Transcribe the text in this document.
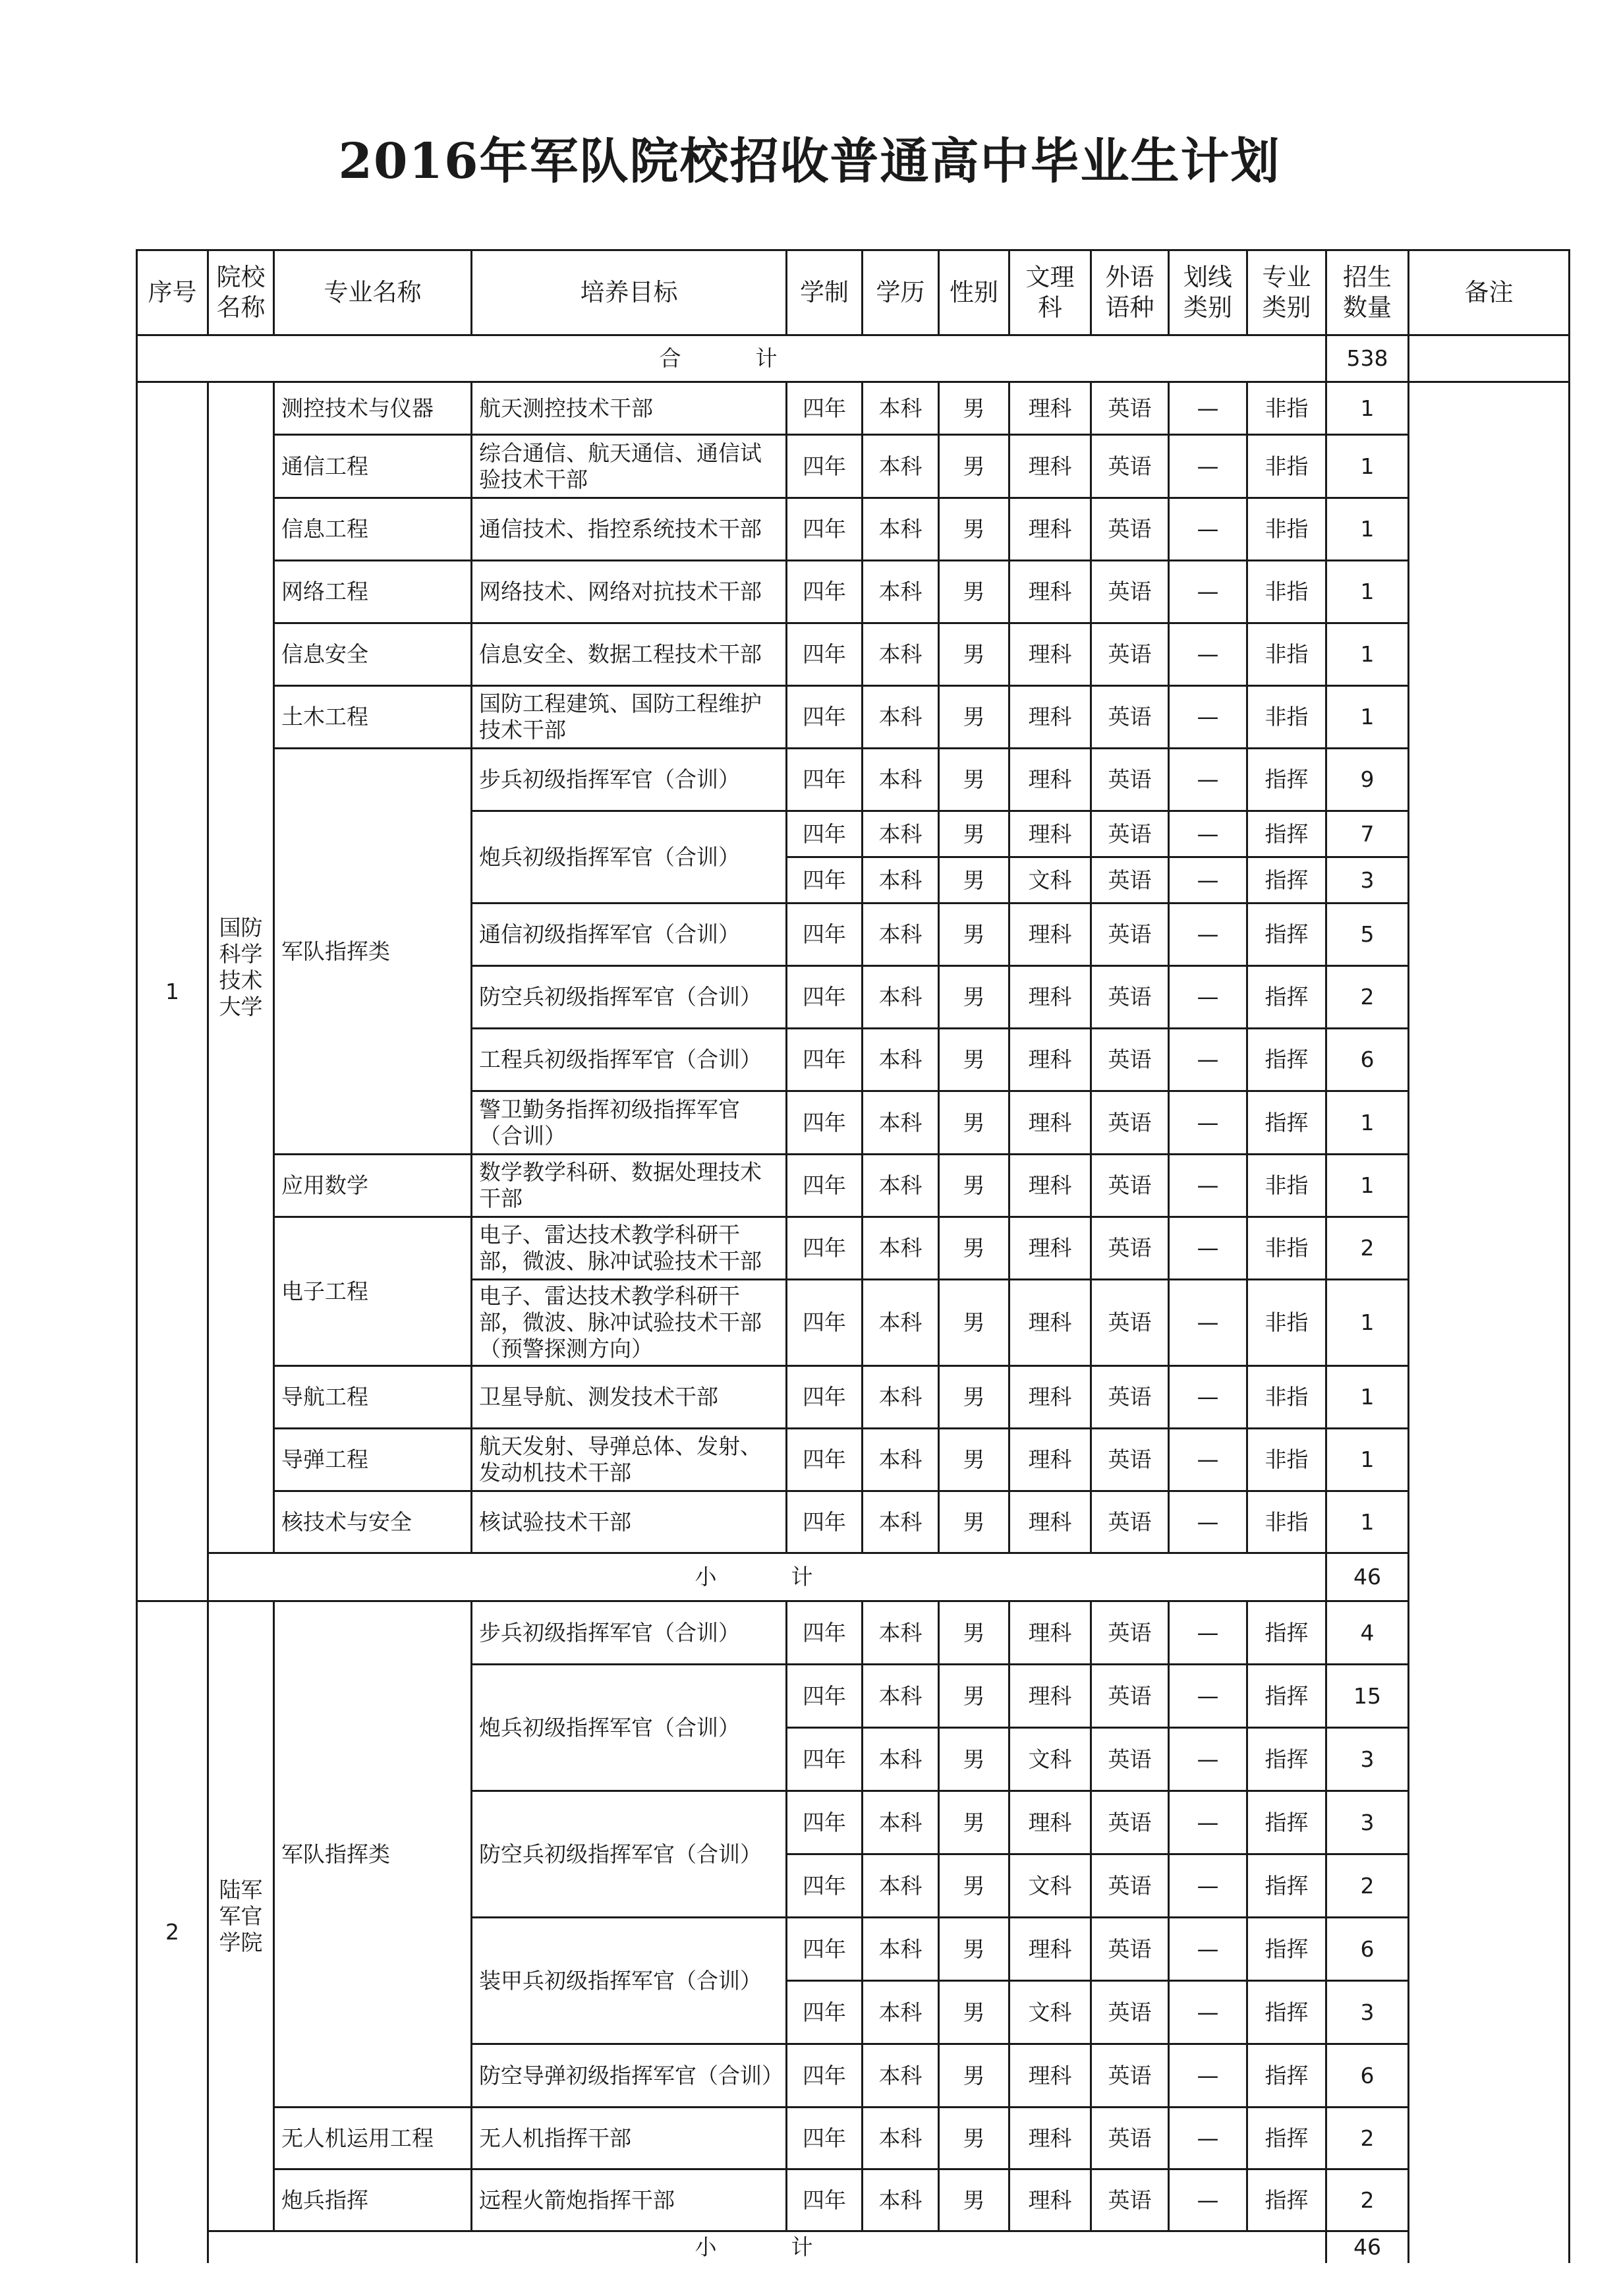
2016年军队院校招收普通高中毕业生计划
序号	院校名称	专业名称	培养目标	学制	学历	性别	文理科	外语语种	划线类别	专业类别	招生数量	备注
合　计											538	
1	国防科学技术大学	测控技术与仪器	航天测控技术干部	四年	本科	男	理科	英语	—	非指	1	
		通信工程	综合通信、航天通信、通信试验技术干部	四年	本科	男	理科	英语	—	非指	1	
		信息工程	通信技术、指控系统技术干部	四年	本科	男	理科	英语	—	非指	1	
		网络工程	网络技术、网络对抗技术干部	四年	本科	男	理科	英语	—	非指	1	
		信息安全	信息安全、数据工程技术干部	四年	本科	男	理科	英语	—	非指	1	
		土木工程	国防工程建筑、国防工程维护技术干部	四年	本科	男	理科	英语	—	非指	1	
		军队指挥类	步兵初级指挥军官（合训）	四年	本科	男	理科	英语	—	指挥	9	
			炮兵初级指挥军官（合训）	四年	本科	男	理科	英语	—	指挥	7	
				四年	本科	男	文科	英语	—	指挥	3	
			通信初级指挥军官（合训）	四年	本科	男	理科	英语	—	指挥	5	
			防空兵初级指挥军官（合训）	四年	本科	男	理科	英语	—	指挥	2	
			工程兵初级指挥军官（合训）	四年	本科	男	理科	英语	—	指挥	6	
			警卫勤务指挥初级指挥军官（合训）	四年	本科	男	理科	英语	—	指挥	1	
		应用数学	数学教学科研、数据处理技术干部	四年	本科	男	理科	英语	—	非指	1	
		电子工程	电子、雷达技术教学科研干部，微波、脉冲试验技术干部	四年	本科	男	理科	英语	—	非指	2	
			电子、雷达技术教学科研干部，微波、脉冲试验技术干部（预警探测方向）	四年	本科	男	理科	英语	—	非指	1	
		导航工程	卫星导航、测发技术干部	四年	本科	男	理科	英语	—	非指	1	
		导弹工程	航天发射、导弹总体、发射、发动机技术干部	四年	本科	男	理科	英语	—	非指	1	
		核技术与安全	核试验技术干部	四年	本科	男	理科	英语	—	非指	1	
	小　计										46	
2	陆军军官学院	军队指挥类	步兵初级指挥军官（合训）	四年	本科	男	理科	英语	—	指挥	4	
			炮兵初级指挥军官（合训）	四年	本科	男	理科	英语	—	指挥	15	
				四年	本科	男	文科	英语	—	指挥	3	
			防空兵初级指挥军官（合训）	四年	本科	男	理科	英语	—	指挥	3	
				四年	本科	男	文科	英语	—	指挥	2	
			装甲兵初级指挥军官（合训）	四年	本科	男	理科	英语	—	指挥	6	
				四年	本科	男	文科	英语	—	指挥	3	
			防空导弹初级指挥军官（合训）	四年	本科	男	理科	英语	—	指挥	6	
		无人机运用工程	无人机指挥干部	四年	本科	男	理科	英语	—	指挥	2	
		炮兵指挥	远程火箭炮指挥干部	四年	本科	男	理科	英语	—	指挥	2	
	小　计										46	
